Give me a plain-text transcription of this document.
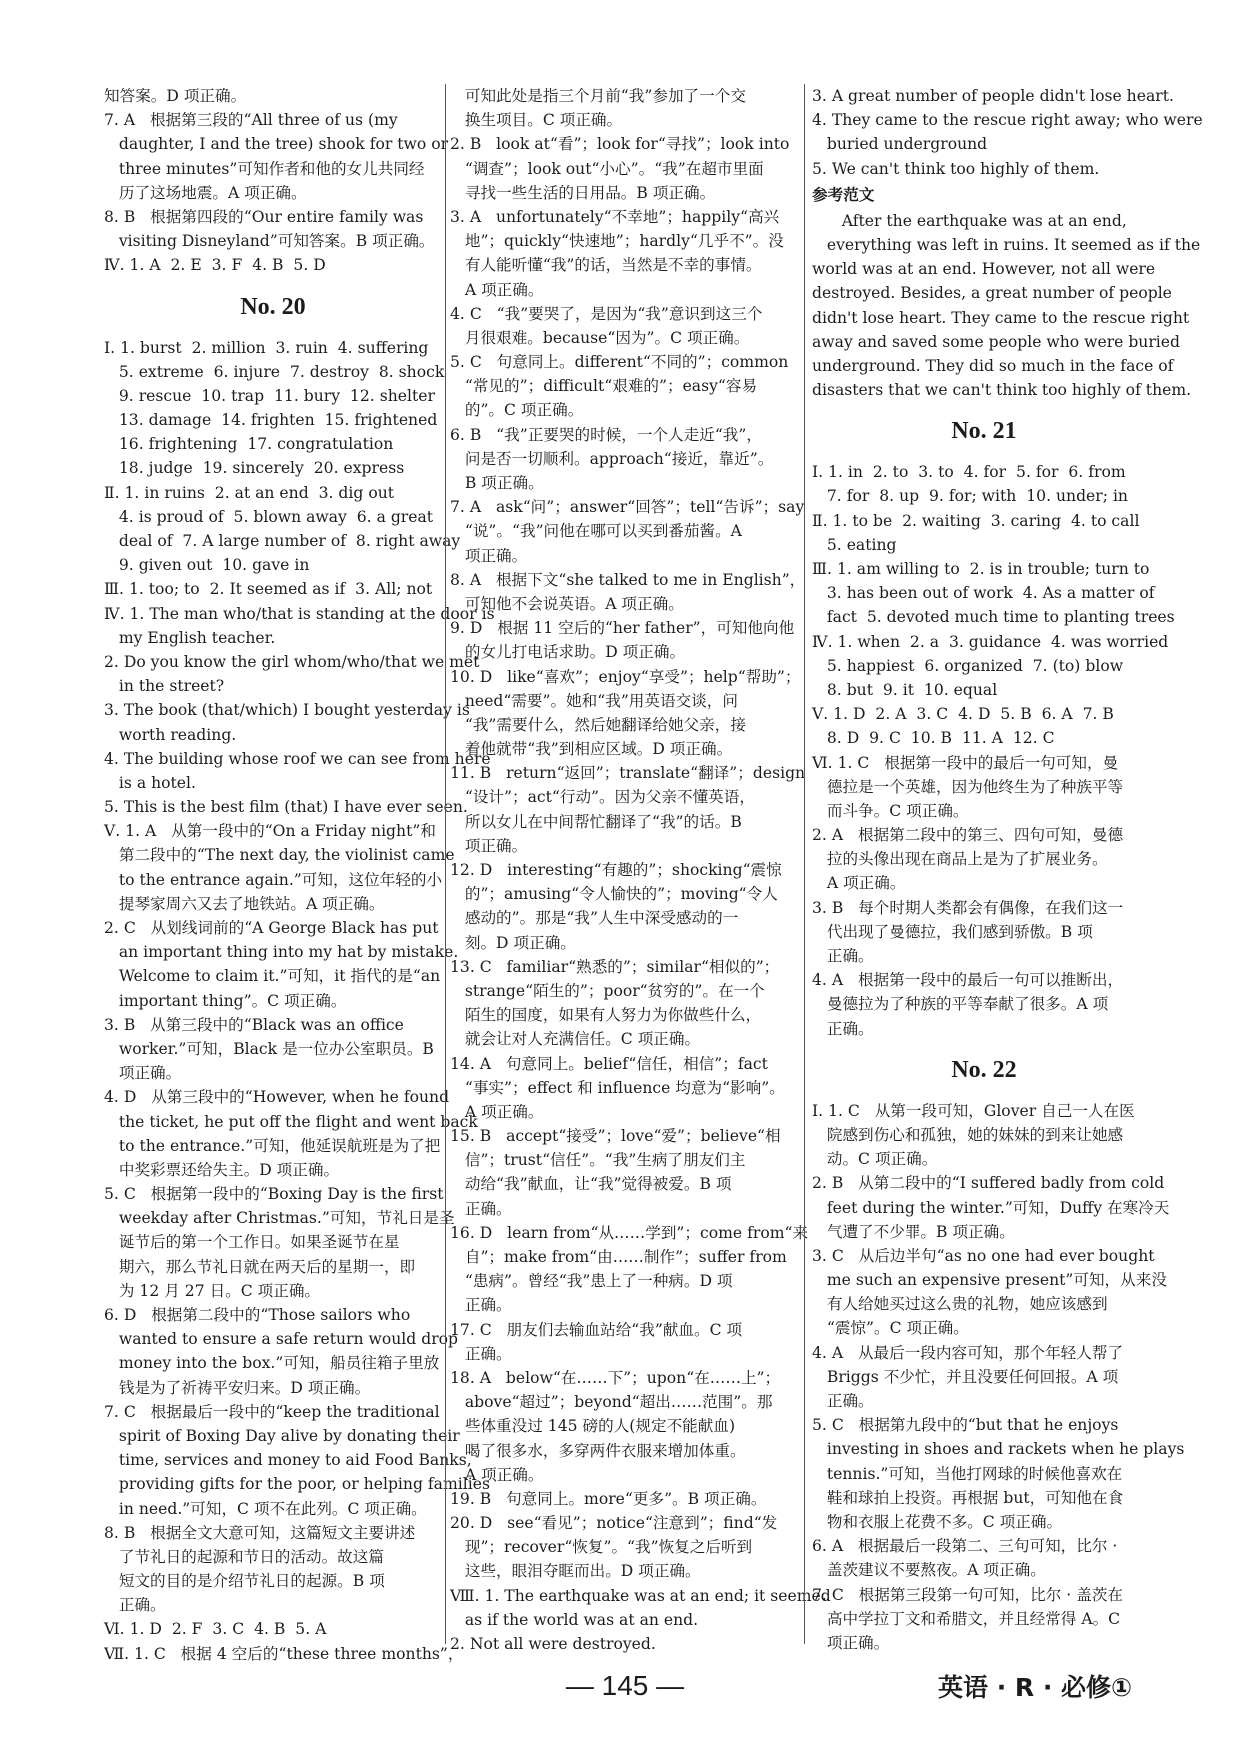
知答案。D 项正确。
7. A   根据第三段的“All three of us (my
daughter, I and the tree) shook for two or
three minutes”可知作者和他的女儿共同经
历了这场地震。A 项正确。
8. B   根据第四段的“Our entire family was
visiting Disneyland”可知答案。B 项正确。
Ⅳ. 1. A  2. E  3. F  4. B  5. D
No. 20
Ⅰ. 1. burst  2. million  3. ruin  4. suffering
5. extreme  6. injure  7. destroy  8. shock
9. rescue  10. trap  11. bury  12. shelter
13. damage  14. frighten  15. frightened
16. frightening  17. congratulation
18. judge  19. sincerely  20. express
Ⅱ. 1. in ruins  2. at an end  3. dig out
4. is proud of  5. blown away  6. a great
deal of  7. A large number of  8. right away
9. given out  10. gave in
Ⅲ. 1. too; to  2. It seemed as if  3. All; not
Ⅳ. 1. The man who/that is standing at the door is
my English teacher.
2. Do you know the girl whom/who/that we met
in the street?
3. The book (that/which) I bought yesterday is
worth reading.
4. The building whose roof we can see from here
is a hotel.
5. This is the best film (that) I have ever seen.
Ⅴ. 1. A   从第一段中的“On a Friday night”和
第二段中的“The next day, the violinist came
to the entrance again.”可知，这位年轻的小
提琴家周六又去了地铁站。A 项正确。
2. C   从划线词前的“A George Black has put
an important thing into my hat by mistake.
Welcome to claim it.”可知，it 指代的是“an
important thing”。C 项正确。
3. B   从第三段中的“Black was an office
worker.”可知，Black 是一位办公室职员。B
项正确。
4. D   从第三段中的“However, when he found
the ticket, he put off the flight and went back
to the entrance.”可知，他延误航班是为了把
中奖彩票还给失主。D 项正确。
5. C   根据第一段中的“Boxing Day is the first
weekday after Christmas.”可知，节礼日是圣
诞节后的第一个工作日。如果圣诞节在星
期六，那么节礼日就在两天后的星期一，即
为 12 月 27 日。C 项正确。
6. D   根据第二段中的“Those sailors who
wanted to ensure a safe return would drop
money into the box.”可知，船员往箱子里放
钱是为了祈祷平安归来。D 项正确。
7. C   根据最后一段中的“keep the traditional
spirit of Boxing Day alive by donating their
time, services and money to aid Food Banks,
providing gifts for the poor, or helping families
in need.”可知，C 项不在此列。C 项正确。
8. B   根据全文大意可知，这篇短文主要讲述
了节礼日的起源和节日的活动。故这篇
短文的目的是介绍节礼日的起源。B 项
正确。
Ⅵ. 1. D  2. F  3. C  4. B  5. A
Ⅶ. 1. C   根据 4 空后的“these three months”，
可知此处是指三个月前“我”参加了一个交
换生项目。C 项正确。
2. B   look at“看”；look for“寻找”；look into
“调查”；look out“小心”。“我”在超市里面
寻找一些生活的日用品。B 项正确。
3. A   unfortunately“不幸地”；happily“高兴
地”；quickly“快速地”；hardly“几乎不”。没
有人能听懂“我”的话，当然是不幸的事情。
A 项正确。
4. C   “我”要哭了，是因为“我”意识到这三个
月很艰难。because“因为”。C 项正确。
5. C   句意同上。different“不同的”；common
“常见的”；difficult“艰难的”；easy“容易
的”。C 项正确。
6. B   “我”正要哭的时候，一个人走近“我”，
问是否一切顺利。approach“接近，靠近”。
B 项正确。
7. A   ask“问”；answer“回答”；tell“告诉”；say
“说”。“我”问他在哪可以买到番茄酱。A
项正确。
8. A   根据下文“she talked to me in English”，
可知他不会说英语。A 项正确。
9. D   根据 11 空后的“her father”，可知他向他
的女儿打电话求助。D 项正确。
10. D   like“喜欢”；enjoy“享受”；help“帮助”；
need“需要”。她和“我”用英语交谈，问
“我”需要什么，然后她翻译给她父亲，接
着他就带“我”到相应区域。D 项正确。
11. B   return“返回”；translate“翻译”；design
“设计”；act“行动”。因为父亲不懂英语，
所以女儿在中间帮忙翻译了“我”的话。B
项正确。
12. D   interesting“有趣的”；shocking“震惊
的”；amusing“令人愉快的”；moving“令人
感动的”。那是“我”人生中深受感动的一
刻。D 项正确。
13. C   familiar“熟悉的”；similar“相似的”；
strange“陌生的”；poor“贫穷的”。在一个
陌生的国度，如果有人努力为你做些什么，
就会让对人充满信任。C 项正确。
14. A   句意同上。belief“信任，相信”；fact
“事实”；effect 和 influence 均意为“影响”。
A 项正确。
15. B   accept“接受”；love“爱”；believe“相
信”；trust“信任”。“我”生病了朋友们主
动给“我”献血，让“我”觉得被爱。B 项
正确。
16. D   learn from“从……学到”；come from“来
自”；make from“由……制作”；suffer from
“患病”。曾经“我”患上了一种病。D 项
正确。
17. C   朋友们去输血站给“我”献血。C 项
正确。
18. A   below“在……下”；upon“在……上”；
above“超过”；beyond“超出……范围”。那
些体重没过 145 磅的人(规定不能献血)
喝了很多水，多穿两件衣服来增加体重。
A 项正确。
19. B   句意同上。more“更多”。B 项正确。
20. D   see“看见”；notice“注意到”；find“发
现”；recover“恢复”。“我”恢复之后听到
这些，眼泪夺眶而出。D 项正确。
Ⅷ. 1. The earthquake was at an end; it seemed
as if the world was at an end.
2. Not all were destroyed.
3. A great number of people didn't lose heart.
4. They came to the rescue right away; who were
buried underground
5. We can't think too highly of them.
参考范文
After the earthquake was at an end,
everything was left in ruins. It seemed as if the
world was at an end. However, not all were
destroyed. Besides, a great number of people
didn't lose heart. They came to the rescue right
away and saved some people who were buried
underground. They did so much in the face of
disasters that we can't think too highly of them.
No. 21
Ⅰ. 1. in  2. to  3. to  4. for  5. for  6. from
7. for  8. up  9. for; with  10. under; in
Ⅱ. 1. to be  2. waiting  3. caring  4. to call
5. eating
Ⅲ. 1. am willing to  2. is in trouble; turn to
3. has been out of work  4. As a matter of
fact  5. devoted much time to planting trees
Ⅳ. 1. when  2. a  3. guidance  4. was worried
5. happiest  6. organized  7. (to) blow
8. but  9. it  10. equal
Ⅴ. 1. D  2. A  3. C  4. D  5. B  6. A  7. B
8. D  9. C  10. B  11. A  12. C
Ⅵ. 1. C   根据第一段中的最后一句可知，曼
德拉是一个英雄，因为他终生为了种族平等
而斗争。C 项正确。
2. A   根据第二段中的第三、四句可知，曼德
拉的头像出现在商品上是为了扩展业务。
A 项正确。
3. B   每个时期人类都会有偶像，在我们这一
代出现了曼德拉，我们感到骄傲。B 项
正确。
4. A   根据第一段中的最后一句可以推断出，
曼德拉为了种族的平等奉献了很多。A 项
正确。
No. 22
Ⅰ. 1. C   从第一段可知，Glover 自己一人在医
院感到伤心和孤独，她的妹妹的到来让她感
动。C 项正确。
2. B   从第二段中的“I suffered badly from cold
feet during the winter.”可知，Duffy 在寒冷天
气遭了不少罪。B 项正确。
3. C   从后边半句“as no one had ever bought
me such an expensive present”可知，从来没
有人给她买过这么贵的礼物，她应该感到
“震惊”。C 项正确。
4. A   从最后一段内容可知，那个年轻人帮了
Briggs 不少忙，并且没要任何回报。A 项
正确。
5. C   根据第九段中的“but that he enjoys
investing in shoes and rackets when he plays
tennis.”可知，当他打网球的时候他喜欢在
鞋和球拍上投资。再根据 but，可知他在食
物和衣服上花费不多。C 项正确。
6. A   根据最后一段第二、三句可知，比尔 ·
盖茨建议不要熬夜。A 项正确。
7. C   根据第三段第一句可知，比尔 · 盖茨在
高中学拉丁文和希腊文，并且经常得 A。C
项正确。
— 145 —	英语 · R · 必修①
